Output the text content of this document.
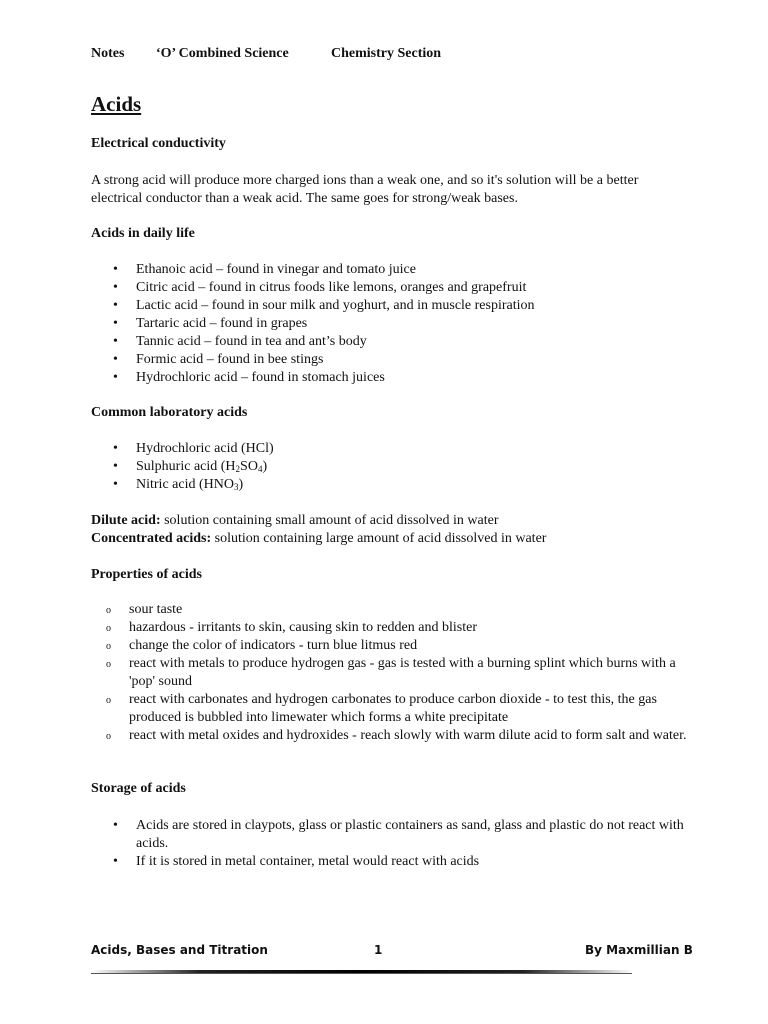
Notes ‘O’ Combined Science	Chemistry Section
Acids

Electrical conductivity

A strong acid will produce more charged ions than a weak one, and so it's solution will be a better electrical conductor than a weak acid. The same goes for strong/weak bases.

Acids in daily life

• Ethanoic acid – found in vinegar and tomato juice
• Citric acid – found in citrus foods like lemons, oranges and grapefruit
• Lactic acid – found in sour milk and yoghurt, and in muscle respiration
• Tartaric acid – found in grapes
• Tannic acid – found in tea and ant’s body
• Formic acid – found in bee stings
• Hydrochloric acid – found in stomach juices

Common laboratory acids

• Hydrochloric acid (HCl)
• Sulphuric acid $(H_2SO_4)$
• Nitric acid $(HNO_3)$
Dilute acid: solution containing small amount of acid dissolved in water
Concentrated acids: solution containing large amount of acid dissolved in water

Properties of acids

o sour taste
o hazardous - irritants to skin, causing skin to redden and blister
o change the color of indicators - turn blue litmus red
o react with metals to produce hydrogen gas - gas is tested with a burning splint which burns with a 'pop' sound
o react with carbonates and hydrogen carbonates to produce carbon dioxide - to test this, the gas produced is bubbled into limewater which forms a white precipitate
o react with metal oxides and hydroxides - reach slowly with warm dilute acid to form salt and water.

Storage of acids

• Acids are stored in claypots, glass or plastic containers as sand, glass and plastic do not react with acids.
• If it is stored in metal container, metal would react with acids
Acids, Bases and Titration	1	By Maxmillian B
